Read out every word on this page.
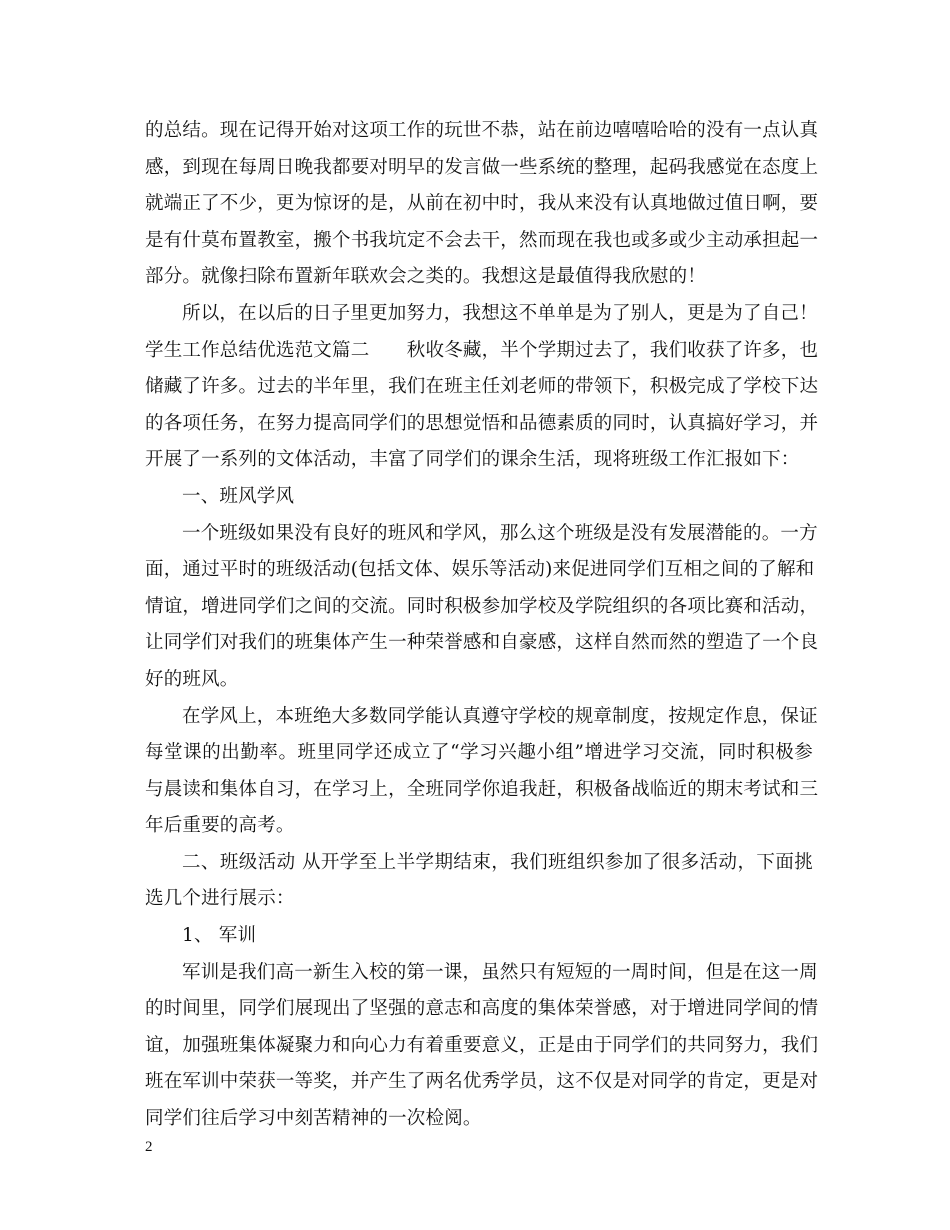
的总结。现在记得开始对这项工作的玩世不恭，站在前边嘻嘻哈哈的没有一点认真
感，到现在每周日晚我都要对明早的发言做一些系统的整理，起码我感觉在态度上
就端正了不少，更为惊讶的是，从前在初中时，我从来没有认真地做过值日啊，要
是有什莫布置教室，搬个书我坑定不会去干，然而现在我也或多或少主动承担起一
部分。就像扫除布置新年联欢会之类的。我想这是最值得我欣慰的！
所以，在以后的日子里更加努力，我想这不单单是为了别人，更是为了自己！
学生工作总结优选范文篇二　　秋收冬藏，半个学期过去了，我们收获了许多，也
储藏了许多。过去的半年里，我们在班主任刘老师的带领下，积极完成了学校下达
的各项任务，在努力提高同学们的思想觉悟和品德素质的同时，认真搞好学习，并
开展了一系列的文体活动，丰富了同学们的课余生活，现将班级工作汇报如下：
一、班风学风
一个班级如果没有良好的班风和学风，那么这个班级是没有发展潜能的。一方
面，通过平时的班级活动(包括文体、娱乐等活动)来促进同学们互相之间的了解和
情谊，增进同学们之间的交流。同时积极参加学校及学院组织的各项比赛和活动，
让同学们对我们的班集体产生一种荣誉感和自豪感，这样自然而然的塑造了一个良
好的班风。
在学风上，本班绝大多数同学能认真遵守学校的规章制度，按规定作息，保证
每堂课的出勤率。班里同学还成立了“学习兴趣小组”增进学习交流，同时积极参
与晨读和集体自习，在学习上，全班同学你追我赶，积极备战临近的期末考试和三
年后重要的高考。
二、班级活动 从开学至上半学期结束，我们班组织参加了很多活动，下面挑
选几个进行展示：
1、 军训
军训是我们高一新生入校的第一课，虽然只有短短的一周时间，但是在这一周
的时间里，同学们展现出了坚强的意志和高度的集体荣誉感，对于增进同学间的情
谊，加强班集体凝聚力和向心力有着重要意义，正是由于同学们的共同努力，我们
班在军训中荣获一等奖，并产生了两名优秀学员，这不仅是对同学的肯定，更是对
同学们往后学习中刻苦精神的一次检阅。
2
